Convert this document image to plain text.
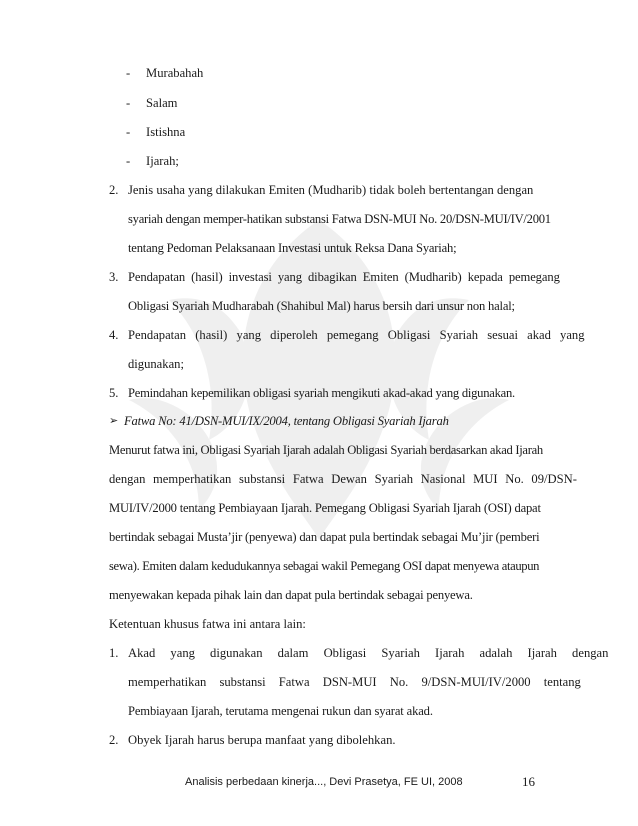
- Murabahah
- Salam
- Istishna
- Ijarah;
2. Jenis usaha yang dilakukan Emiten (Mudharib) tidak boleh bertentangan dengan
syariah dengan memper-hatikan substansi Fatwa DSN-MUI No. 20/DSN-MUI/IV/2001
tentang Pedoman Pelaksanaan Investasi untuk Reksa Dana Syariah;
3. Pendapatan (hasil) investasi yang dibagikan Emiten (Mudharib) kepada pemegang
Obligasi Syariah Mudharabah (Shahibul Mal) harus bersih dari unsur non halal;
4. Pendapatan (hasil) yang diperoleh pemegang Obligasi Syariah sesuai akad yang
digunakan;
5. Pemindahan kepemilikan obligasi syariah mengikuti akad-akad yang digunakan.
➢ Fatwa No: 41/DSN-MUI/IX/2004, tentang Obligasi Syariah Ijarah
Menurut fatwa ini, Obligasi Syariah Ijarah adalah Obligasi Syariah berdasarkan akad Ijarah
dengan memperhatikan substansi Fatwa Dewan Syariah Nasional MUI No. 09/DSN-
MUI/IV/2000 tentang Pembiayaan Ijarah. Pemegang Obligasi Syariah Ijarah (OSI) dapat
bertindak sebagai Musta’jir (penyewa) dan dapat pula bertindak sebagai Mu’jir (pemberi
sewa). Emiten dalam kedudukannya sebagai wakil Pemegang OSI dapat menyewa ataupun
menyewakan kepada pihak lain dan dapat pula bertindak sebagai penyewa.
Ketentuan khusus fatwa ini antara lain:
1. Akad yang digunakan dalam Obligasi Syariah Ijarah adalah Ijarah dengan
memperhatikan substansi Fatwa DSN-MUI No. 9/DSN-MUI/IV/2000 tentang
Pembiayaan Ijarah, terutama mengenai rukun dan syarat akad.
2. Obyek Ijarah harus berupa manfaat yang dibolehkan.
Analisis perbedaan kinerja..., Devi Prasetya, FE UI, 2008	16
